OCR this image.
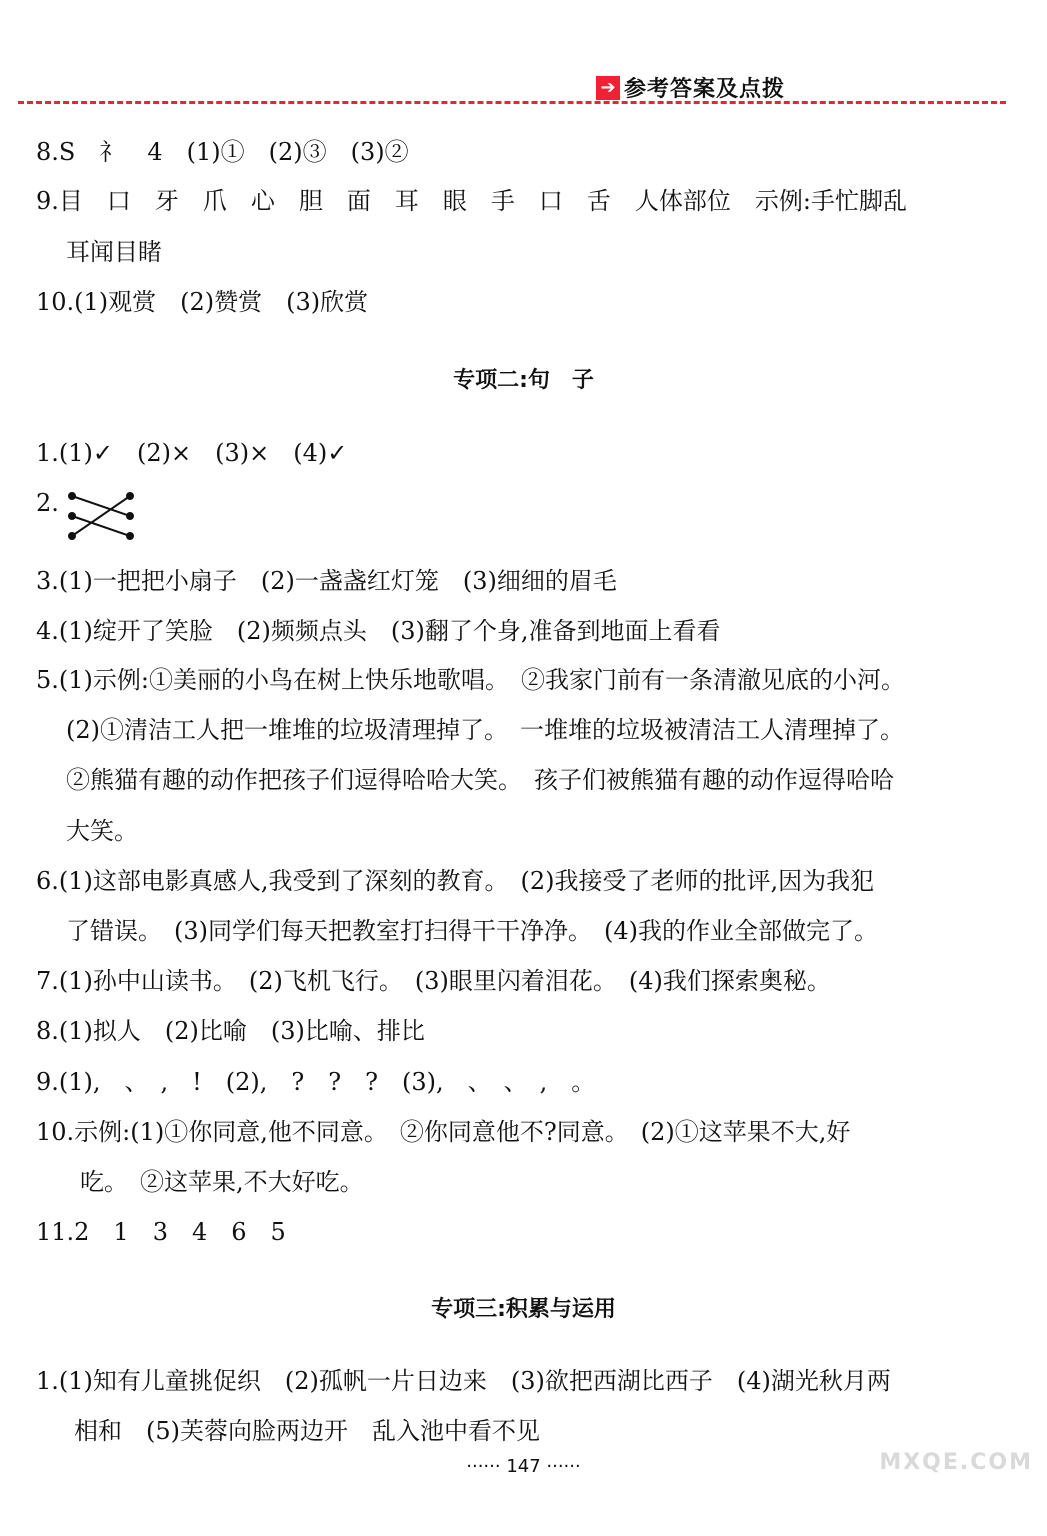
➔ 参考答案及点拨
8.S　礻　4　(1)①　(2)③　(3)②
9.目　口　牙　爪　心　胆　面　耳　眼　手　口　舌　人体部位　示例:手忙脚乱
耳闻目睹
10.(1)观赏　(2)赞赏　(3)欣赏
专项二:句　子
1.(1)✓　(2)×　(3)×　(4)✓
2.
3.(1)一把把小扇子　(2)一盏盏红灯笼　(3)细细的眉毛
4.(1)绽开了笑脸　(2)频频点头　(3)翻了个身,准备到地面上看看
5.(1)示例:①美丽的小鸟在树上快乐地歌唱。　②我家门前有一条清澈见底的小河。
(2)①清洁工人把一堆堆的垃圾清理掉了。　一堆堆的垃圾被清洁工人清理掉了。
②熊猫有趣的动作把孩子们逗得哈哈大笑。　孩子们被熊猫有趣的动作逗得哈哈
大笑。
6.(1)这部电影真感人,我受到了深刻的教育。　(2)我接受了老师的批评,因为我犯
了错误。　(3)同学们每天把教室打扫得干干净净。　(4)我的作业全部做完了。
7.(1)孙中山读书。　(2)飞机飞行。　(3)眼里闪着泪花。　(4)我们探索奥秘。
8.(1)拟人　(2)比喻　(3)比喻、排比
9.(1),　、　,　!　(2),　?　?　?　(3),　、　、　,　。
10.示例:(1)①你同意,他不同意。　②你同意他不?同意。　(2)①这苹果不大,好
吃。　②这苹果,不大好吃。
11.2　1　3　4　6　5
专项三:积累与运用
1.(1)知有儿童挑促织　(2)孤帆一片日边来　(3)欲把西湖比西子　(4)湖光秋月两
相和　(5)芙蓉向脸两边开　乱入池中看不见
······ 147 ······	MXQE.COM
